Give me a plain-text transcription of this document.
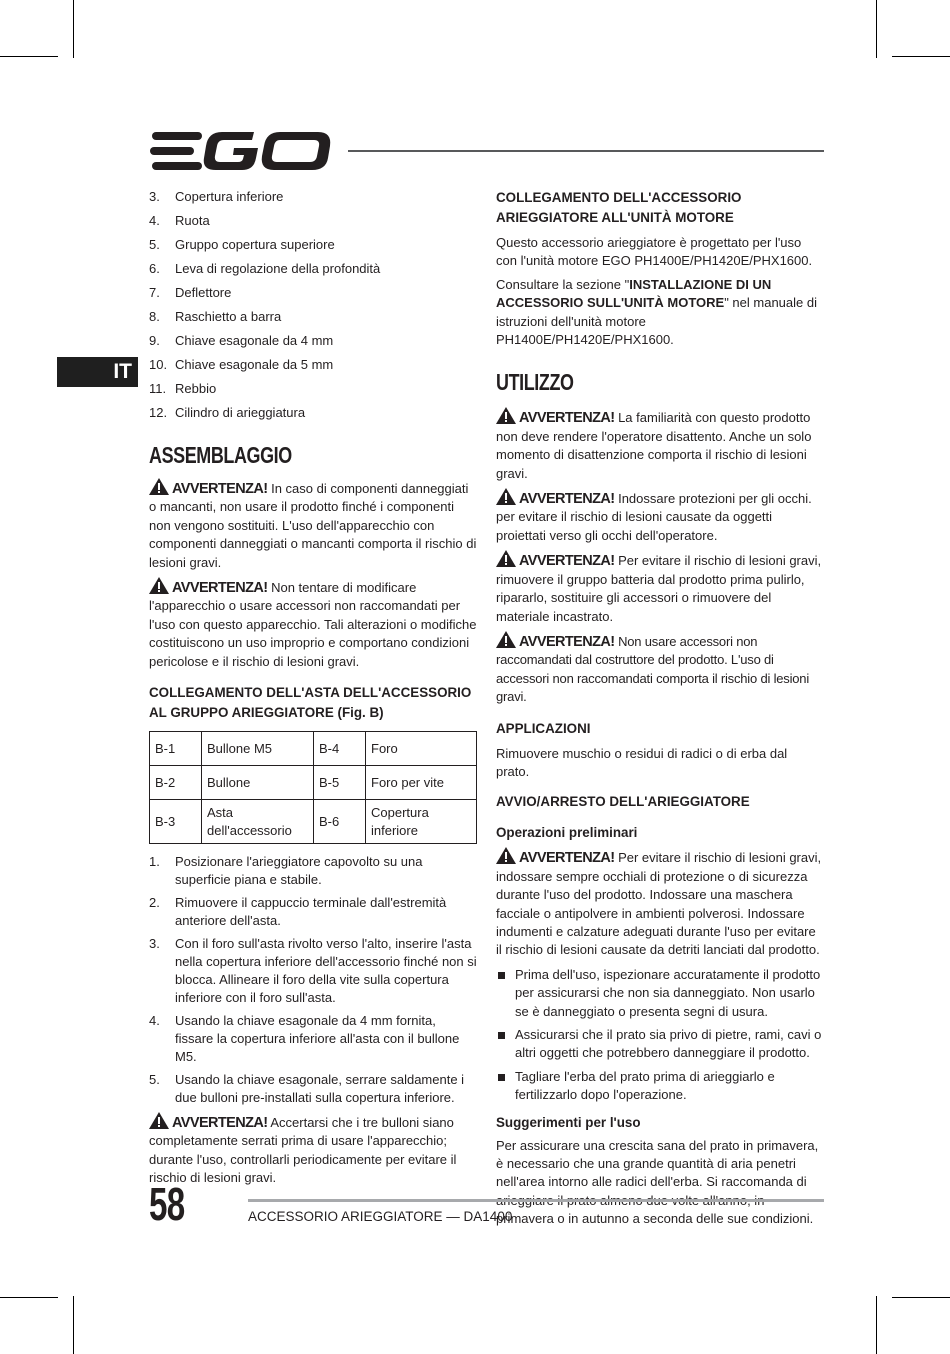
IT
3.	Copertura inferiore
4.	Ruota
5.	Gruppo copertura superiore
6.	Leva di regolazione della profondità
7.	Deflettore
8.	Raschietto a barra
9.	Chiave esagonale da 4 mm
10. Chiave esagonale da 5 mm
11. Rebbio
12. Cilindro di arieggiatura
ASSEMBLAGGIO

AVVERTENZA! In caso di componenti danneggiati o mancanti, non usare il prodotto finché i componenti non vengono sostituiti. L'uso dell'apparecchio con componenti danneggiati o mancanti comporta il rischio di lesioni gravi.

AVVERTENZA! Non tentare di modificare l'apparecchio o usare accessori non raccomandati per l'uso con questo apparecchio. Tali alterazioni o modifiche costituiscono un uso improprio e comportano condizioni pericolose e il rischio di lesioni gravi.

COLLEGAMENTO DELL'ASTA DELL'ACCESSORIO AL GRUPPO ARIEGGIATORE (Fig. B)
B-1	Bullone M5	B-4	Foro
B-2	Bullone	B-5	Foro per vite
B-3	Asta dell'accessorio	B-6	Copertura inferiore
1.	Posizionare l'arieggiatore capovolto su una superficie piana e stabile.
2.	Rimuovere il cappuccio terminale dall'estremità anteriore dell'asta.
3.	Con il foro sull'asta rivolto verso l'alto, inserire l'asta nella copertura inferiore dell'accessorio finché non si blocca. Allineare il foro della vite sulla copertura inferiore con il foro sull'asta.
4.	Usando la chiave esagonale da 4 mm fornita, fissare la copertura inferiore all'asta con il bullone M5.
5.	Usando la chiave esagonale, serrare saldamente i due bulloni pre-installati sulla copertura inferiore.

AVVERTENZA! Accertarsi che i tre bulloni siano completamente serrati prima di usare l'apparecchio; durante l'uso, controllarli periodicamente per evitare il rischio di lesioni gravi.

COLLEGAMENTO DELL'ACCESSORIO ARIEGGIATORE ALL'UNITÀ MOTORE

Questo accessorio arieggiatore è progettato per l'uso con l'unità motore EGO PH1400E/PH1420E/PHX1600.

Consultare la sezione "INSTALLAZIONE DI UN ACCESSORIO SULL'UNITÀ MOTORE" nel manuale di istruzioni dell'unità motore PH1400E/PH1420E/PHX1600.

UTILIZZO

AVVERTENZA! La familiarità con questo prodotto non deve rendere l'operatore disattento. Anche un solo momento di disattenzione comporta il rischio di lesioni gravi.

AVVERTENZA! Indossare protezioni per gli occhi. per evitare il rischio di lesioni causate da oggetti proiettati verso gli occhi dell'operatore.

AVVERTENZA! Per evitare il rischio di lesioni gravi, rimuovere il gruppo batteria dal prodotto prima pulirlo, ripararlo, sostituire gli accessori o rimuovere del materiale incastrato.

AVVERTENZA! Non usare accessori non raccomandati dal costruttore del prodotto. L'uso di accessori non raccomandati comporta il rischio di lesioni gravi.

APPLICAZIONI

Rimuovere muschio o residui di radici o di erba dal prato.

AVVIO/ARRESTO DELL'ARIEGGIATORE
Operazioni preliminari

AVVERTENZA! Per evitare il rischio di lesioni gravi, indossare sempre occhiali di protezione o di sicurezza durante l'uso del prodotto. Indossare una maschera facciale o antipolvere in ambienti polverosi. Indossare indumenti e calzature adeguati durante l'uso per evitare il rischio di lesioni causate da detriti lanciati dal prodotto.

Prima dell'uso, ispezionare accuratamente il prodotto per assicurarsi che non sia danneggiato. Non usarlo se è danneggiato o presenta segni di usura.
Assicurarsi che il prato sia privo di pietre, rami, cavi o altri oggetti che potrebbero danneggiare il prodotto.
Tagliare l'erba del prato prima di arieggiarlo e fertilizzarlo dopo l'operazione.
Suggerimenti per l'uso

Per assicurare una crescita sana del prato in primavera, è necessario che una grande quantità di aria penetri nell'area intorno alle radici dell'erba. Si raccomanda di primavera o in autunno a seconda delle sue condizioni.

58	ACCESSORIO ARIEGGIATORE — DA1400
